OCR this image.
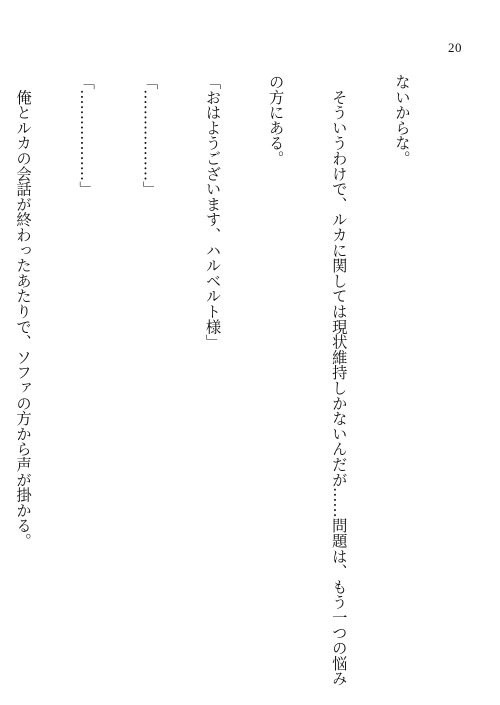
20

ないからな。

　そういうわけで、ルカに関しては現状維持しかないんだが……問題は、もう一つの悩み

の方にある。

「おはようございます、ハルベルト様」

「………………」

「………………」

　俺とルカの会話が終わったあたりで、ソファの方から声が掛かる。
